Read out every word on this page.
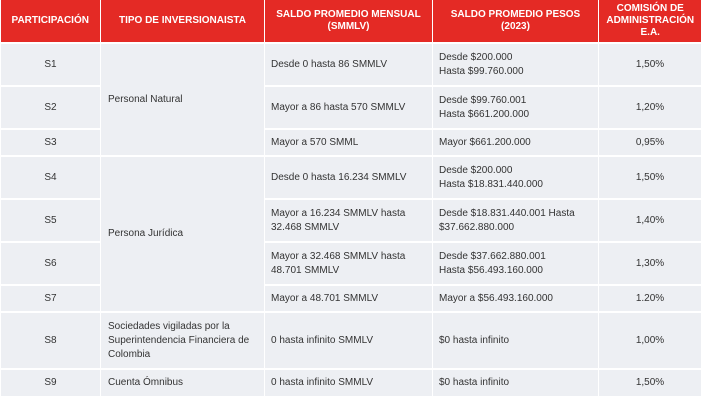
PARTICIPACIÓN	TIPO DE INVERSIONAISTA	SALDO PROMEDIO MENSUAL
(SMMLV)	SALDO PROMEDIO PESOS
(2023)	COMISIÓN DE
ADMINISTRACIÓN E.A.

S1	Personal Natural	Desde 0 hasta 86 SMMLV	Desde $200.000
Hasta $99.760.000	1,50%
S2		Mayor a 86 hasta 570 SMMLV	Desde $99.760.001
Hasta $661.200.000	1,20%
S3		Mayor a 570 SMML	Mayor $661.200.000	0,95%
S4	Persona Jurídica	Desde 0 hasta 16.234 SMMLV	Desde $200.000
Hasta $18.831.440.000	1,50%
S5		Mayor a 16.234 SMMLV hasta
32.468 SMMLV	Desde $18.831.440.001 Hasta
$37.662.880.000	1,40%
S6		Mayor a 32.468 SMMLV hasta
48.701 SMMLV	Desde $37.662.880.001
Hasta $56.493.160.000	1,30%
S7		Mayor a 48.701 SMMLV	Mayor a $56.493.160.000	1.20%
S8	Sociedades vigiladas por la
Superintendencia Financiera de
Colombia	0 hasta infinito SMMLV	$0 hasta infinito	1,00%
S9	Cuenta Ómnibus	0 hasta infinito SMMLV	$0 hasta infinito	1,50%
